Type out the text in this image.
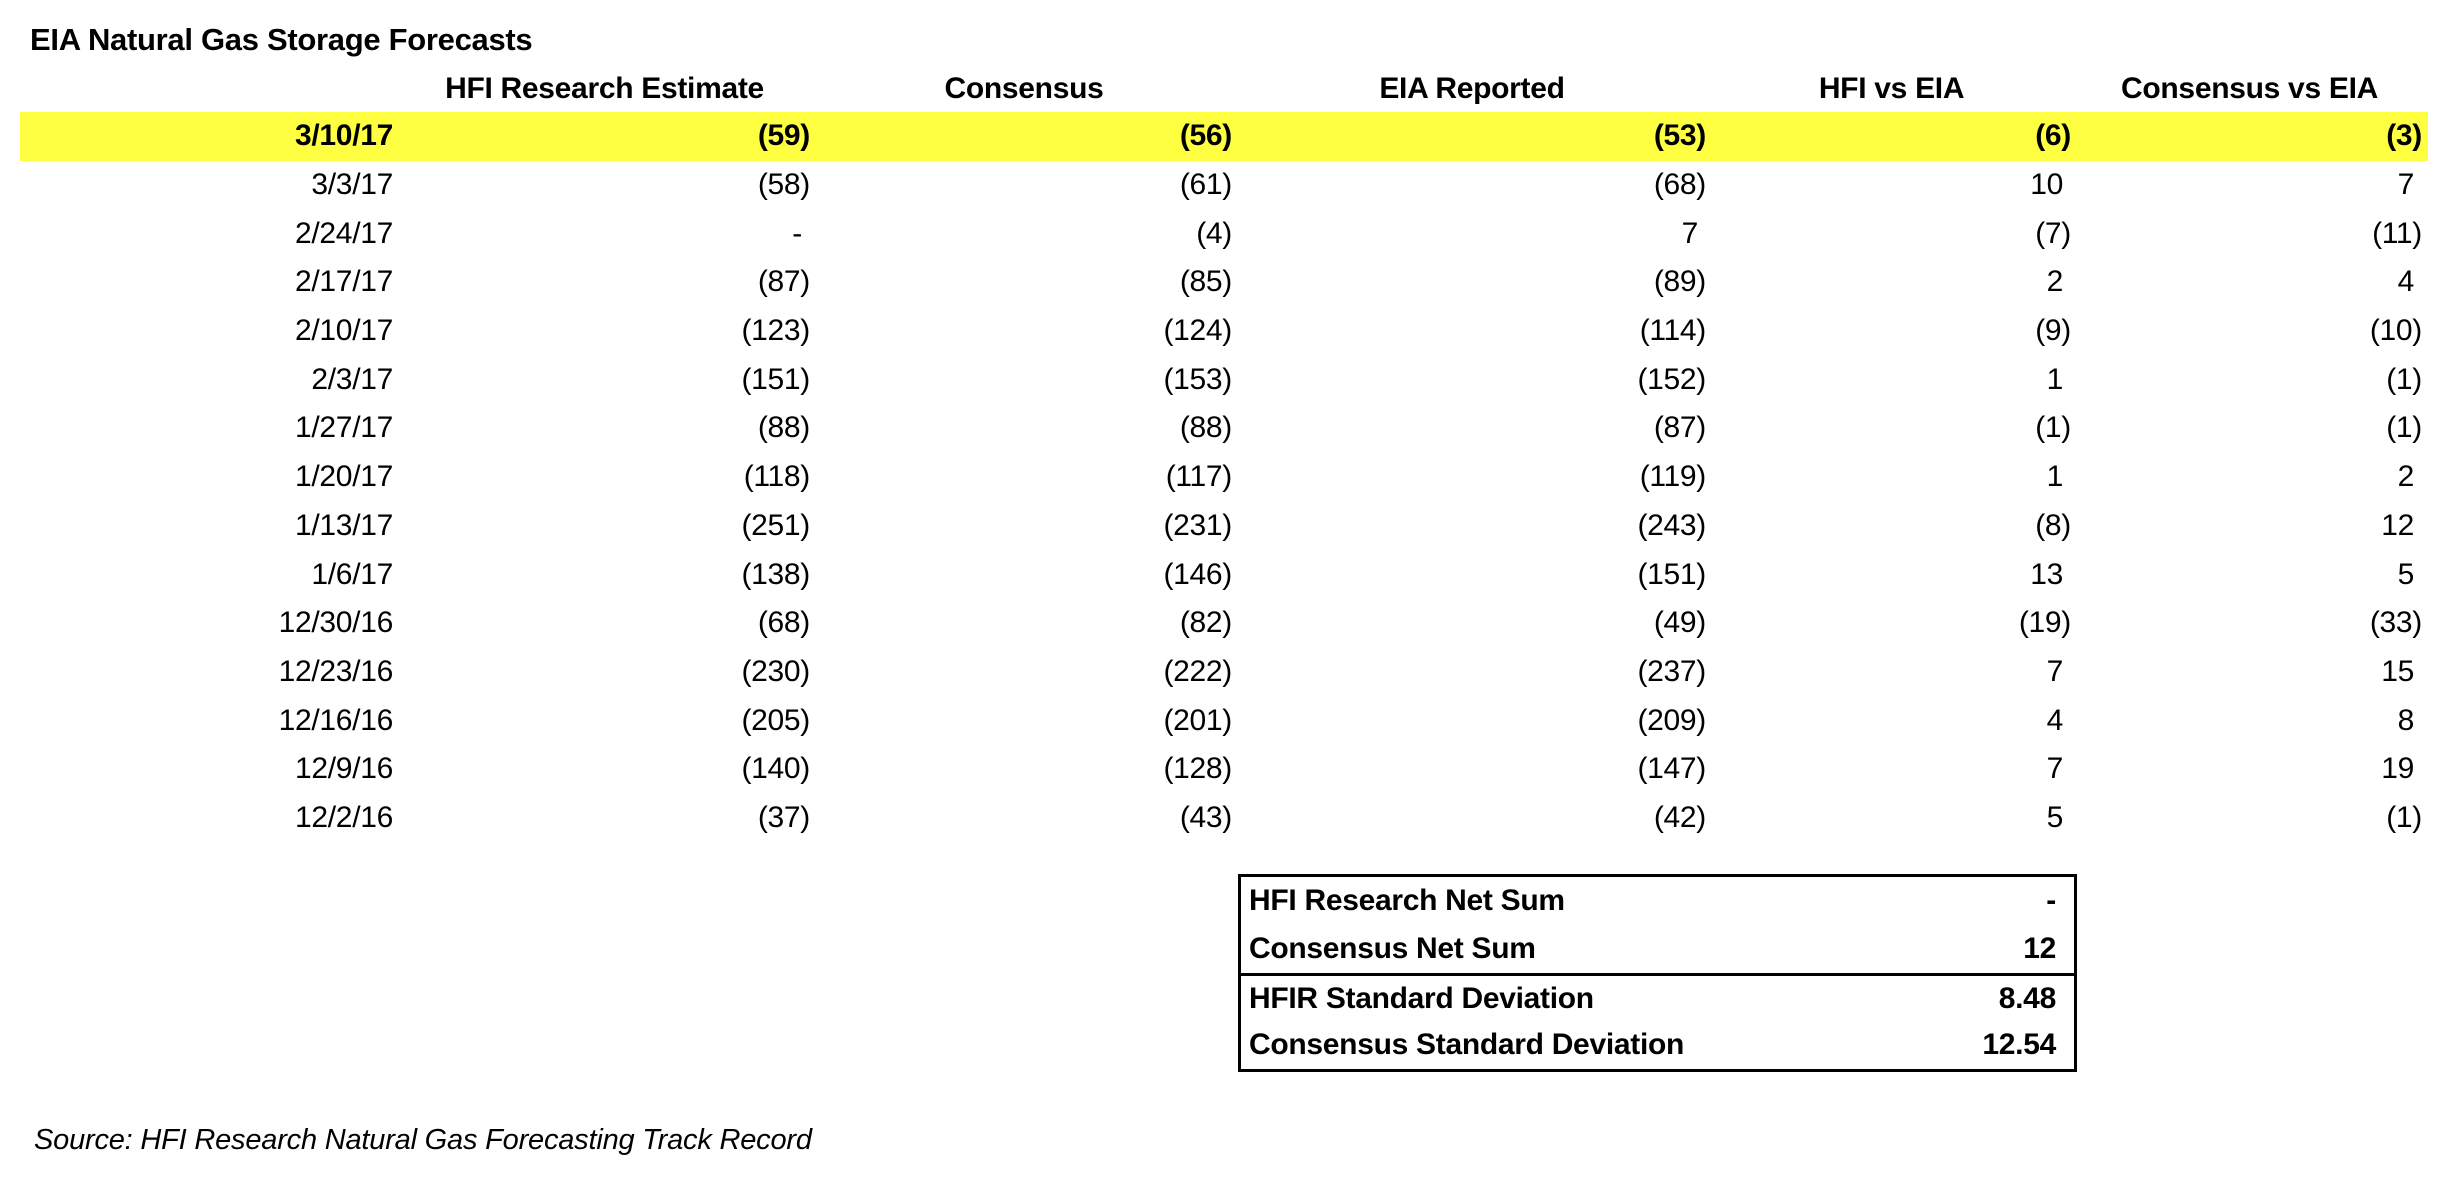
EIA Natural Gas Storage Forecasts
	HFI Research Estimate	Consensus	EIA Reported	HFI vs EIA	Consensus vs EIA
3/10/17	(59)	(56)	(53)	(6)	(3)
3/3/17	(58)	(61)	(68)	10	7
2/24/17	-	(4)	7	(7)	(11)
2/17/17	(87)	(85)	(89)	2	4
2/10/17	(123)	(124)	(114)	(9)	(10)
2/3/17	(151)	(153)	(152)	1	(1)
1/27/17	(88)	(88)	(87)	(1)	(1)
1/20/17	(118)	(117)	(119)	1	2
1/13/17	(251)	(231)	(243)	(8)	12
1/6/17	(138)	(146)	(151)	13	5
12/30/16	(68)	(82)	(49)	(19)	(33)
12/23/16	(230)	(222)	(237)	7	15
12/16/16	(205)	(201)	(209)	4	8
12/9/16	(140)	(128)	(147)	7	19
12/2/16	(37)	(43)	(42)	5	(1)
HFI Research Net Sum	-
Consensus Net Sum	12
HFIR Standard Deviation	8.48
Consensus Standard Deviation	12.54
Source: HFI Research Natural Gas Forecasting Track Record
